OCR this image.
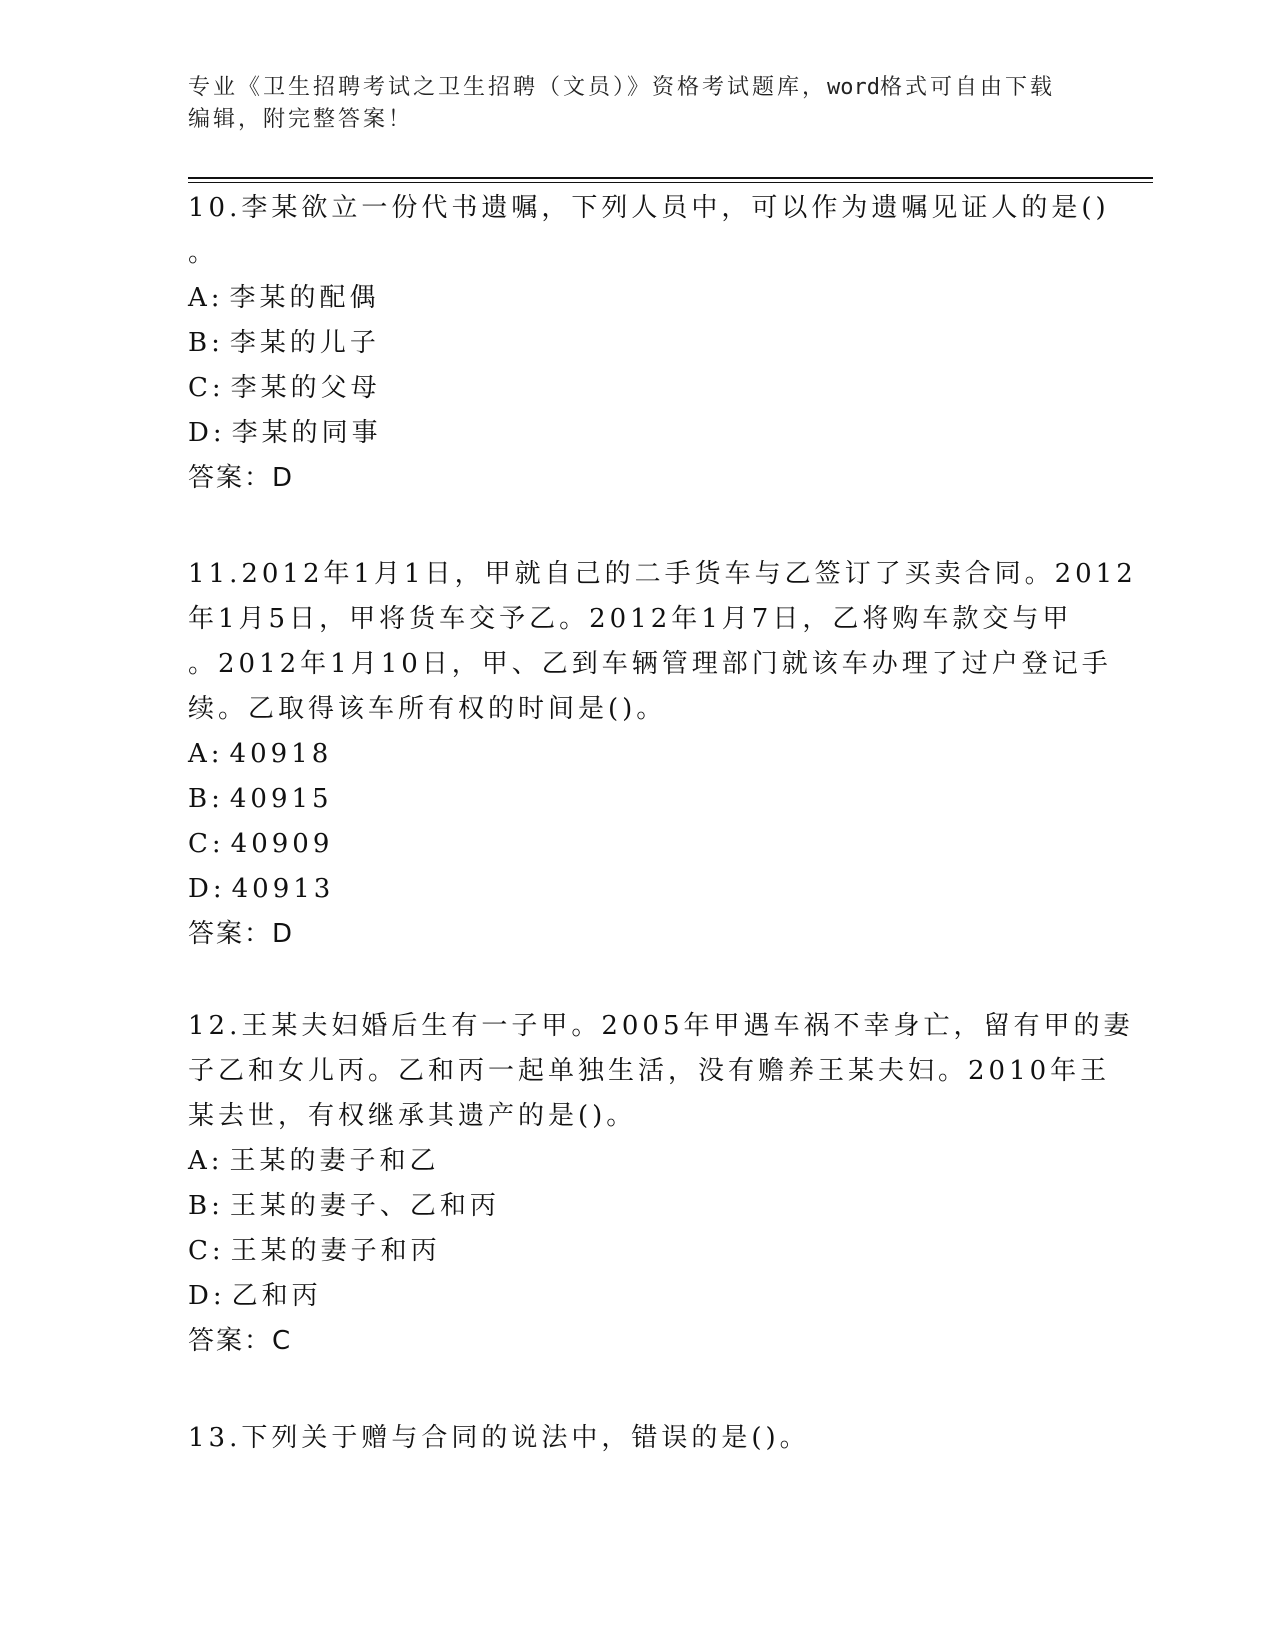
专业《卫生招聘考试之卫生招聘（文员）》资格考试题库，word格式可自由下载
编辑，附完整答案！
10.李某欲立一份代书遗嘱，下列人员中，可以作为遗嘱见证人的是()
。
A: 李某的配偶
B: 李某的儿子
C: 李某的父母
D: 李某的同事
答案：D
11.2012年1月1日，甲就自己的二手货车与乙签订了买卖合同。2012
年1月5日，甲将货车交予乙。2012年1月7日，乙将购车款交与甲
。2012年1月10日，甲、乙到车辆管理部门就该车办理了过户登记手
续。乙取得该车所有权的时间是()。
A: 40918
B: 40915
C: 40909
D: 40913
答案：D
12.王某夫妇婚后生有一子甲。2005年甲遇车祸不幸身亡，留有甲的妻
子乙和女儿丙。乙和丙一起单独生活，没有赡养王某夫妇。2010年王
某去世，有权继承其遗产的是()。
A: 王某的妻子和乙
B: 王某的妻子、乙和丙
C: 王某的妻子和丙
D: 乙和丙
答案：C
13.下列关于赠与合同的说法中，错误的是()。
